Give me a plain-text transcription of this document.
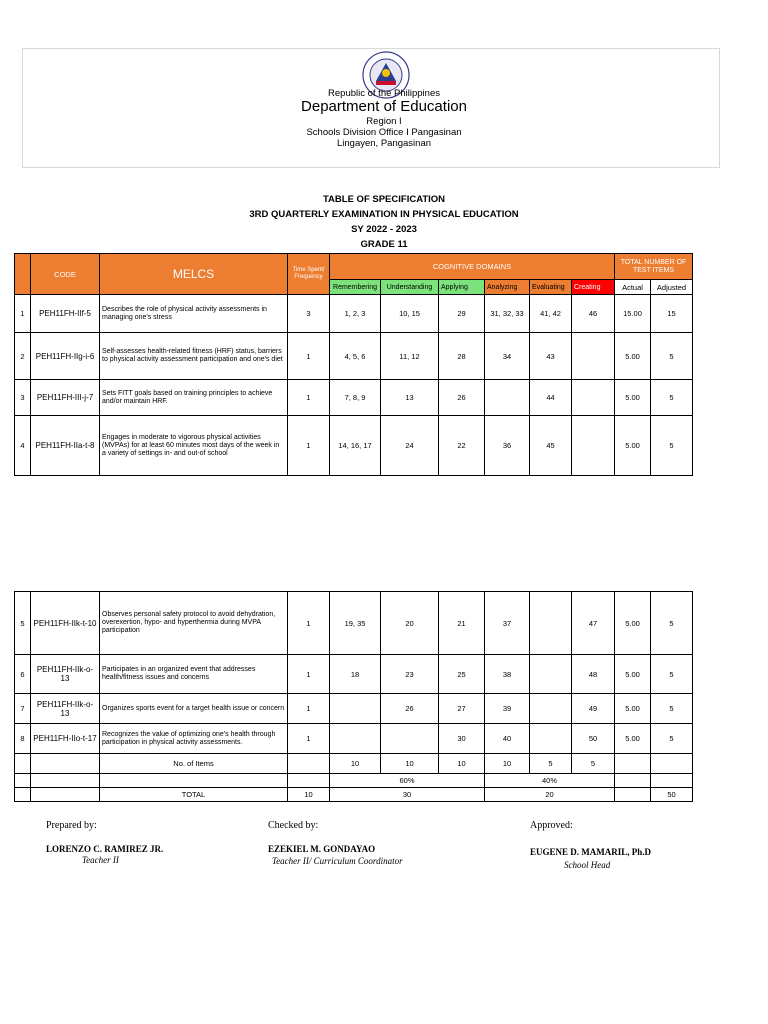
Republic of the Philippines
Department of Education
Region I
Schools Division Office I Pangasinan
Lingayen, Pangasinan
TABLE OF SPECIFICATION
3RD QUARTERLY EXAMINATION IN PHYSICAL EDUCATION
SY 2022 - 2023
GRADE 11
	CODE	MELCS	Time Spent/ Frequency	COGNITIVE DOMAINS						TOTAL NUMBER OF TEST ITEMS	
				Remembering	Understanding	Applying	Analyzing	Evaluating	Creating	Actual	Adjusted
1	PEH11FH-IIf-5	Describes the role of physical activity assessments in managing one's stress	3	1, 2, 3	10, 15	29	31, 32, 33	41, 42	46	15.00	15
2	PEH11FH-IIg-i-6	Self-assesses health-related fitness (HRF) status, barriers to physical activity assessment participation and one's diet	1	4, 5, 6	11, 12	28	34	43		5.00	5
3	PEH11FH-III-j-7	Sets FITT goals based on training principles to achieve and/or maintain HRF.	1	7, 8, 9	13	26		44		5.00	5
4	PEH11FH-IIa-t-8	Engages in moderate to vigorous physical activities (MVPAs) for at least 60 minutes most days of the week in a variety of settings in- and out-of school	1	14, 16, 17	24	22	36	45		5.00	5
5	PEH11FH-IIk-t-10	Observes personal safety protocol to avoid dehydration, overexertion, hypo- and hyperthermia during MVPA participation	1	19, 35	20	21	37		47	5.00	5
6	PEH11FH-IIk-o-13	Participates in an organized event that addresses health/fitness issues and concerns	1	18	23	25	38		48	5.00	5
7	PEH11FH-IIk-o-13	Organizes sports event for a target health issue or concern	1		26	27	39		49	5.00	5
8	PEH11FH-IIo-t-17	Recognizes the value of optimizing one's health through participation in physical activity assessments.	1			30	40		50	5.00	5
		No. of Items		10	10	10	10	5	5		
				60%			40%				
		TOTAL	10	30			20				50
Prepared by:
LORENZO C. RAMIREZ JR.
Teacher II
Checked by:
EZEKIEL M. GONDAYAO
Teacher II/ Curriculum Coordinator
Approved:
EUGENE D. MAMARIL, Ph.D
School Head
